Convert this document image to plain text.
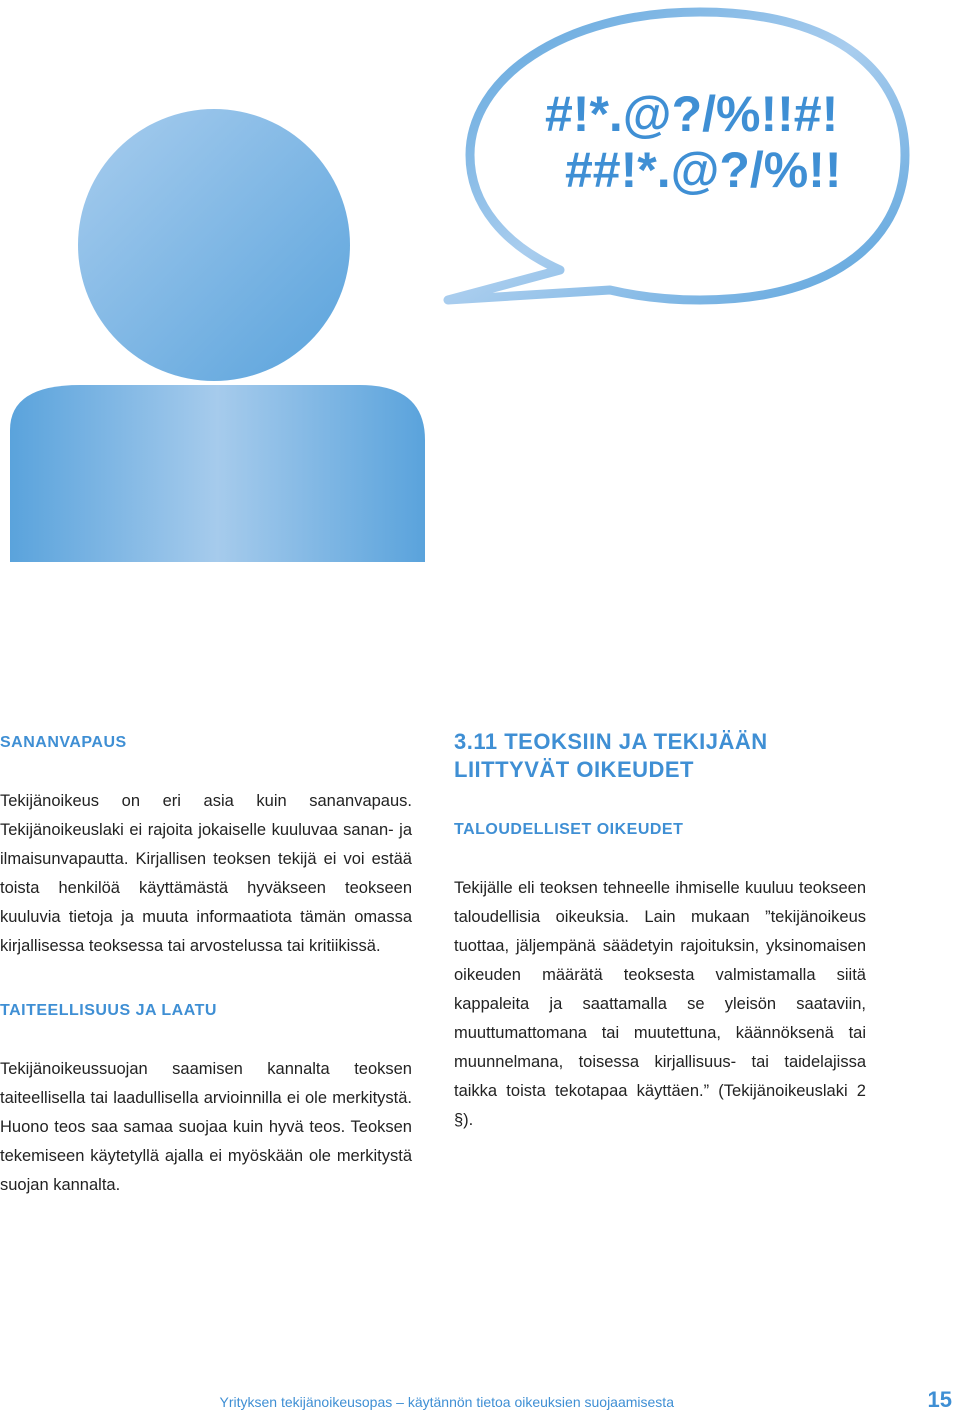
#!*.@?/%!!#!
##!*.@?/%!!
SANANVAPAUS

Tekijänoikeus on eri asia kuin sananvapaus. Tekijänoikeuslaki ei rajoita jokaiselle kuuluvaa sanan- ja ilmaisunvapautta. Kirjallisen teoksen tekijä ei voi estää toista henkilöä käyttämästä hyväkseen teokseen kuuluvia tietoja ja muuta informaatiota tämän omassa kirjallisessa teoksessa tai arvostelussa tai kritiikissä.

TAITEELLISUUS JA LAATU

Tekijänoikeussuojan saamisen kannalta teoksen taiteellisella tai laadullisella arvioinnilla ei ole merkitystä. Huono teos saa samaa suojaa kuin hyvä teos. Teoksen tekemiseen käytetyllä ajalla ei myöskään ole merkitystä suojan kannalta.

3.11 TEOKSIIN JA TEKIJÄÄN LIITTYVÄT OIKEUDET
TALOUDELLISET OIKEUDET

Tekijälle eli teoksen tehneelle ihmiselle kuuluu teokseen taloudellisia oikeuksia. Lain mukaan ”tekijänoikeus tuottaa, jäljempänä säädetyin rajoituksin, yksinomaisen oikeuden määrätä teoksesta valmistamalla siitä kappaleita ja saattamalla se yleisön saataviin, muuttumattomana tai muutettuna, käännöksenä tai muunnelmana, toisessa kirjallisuus- tai taidelajissa taikka toista tekotapaa käyttäen.” (Tekijänoikeuslaki 2 §).

Yrityksen tekijänoikeusopas – käytännön tietoa oikeuksien suojaamisesta	15
